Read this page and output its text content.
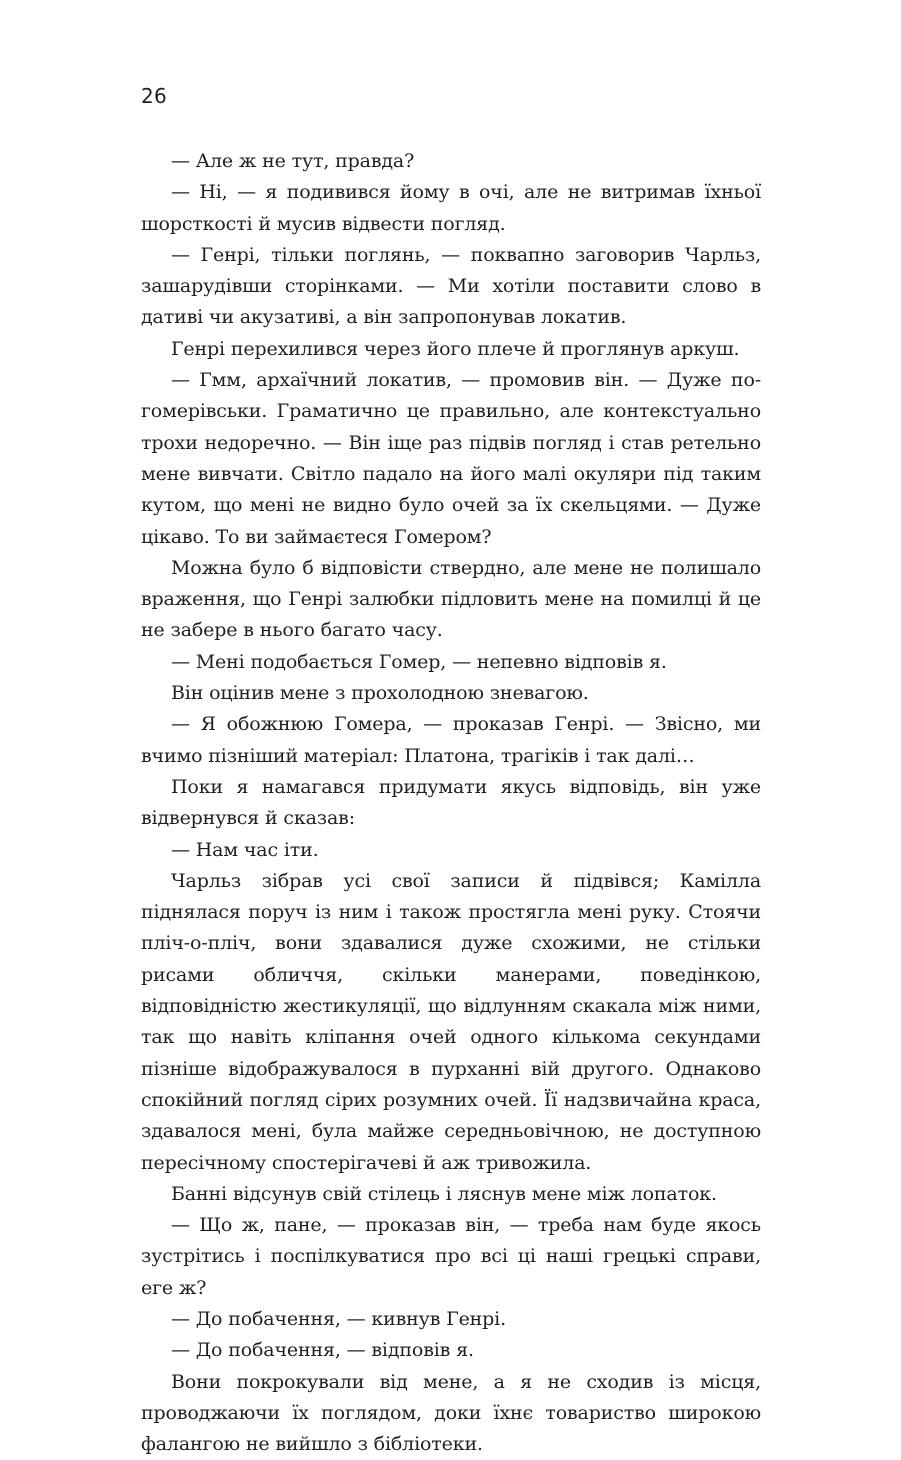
26

— Але ж не тут, правда?

— Ні, — я подивився йому в очі, але не витримав їхньої шорсткості й мусив відвести погляд.

— Генрі, тільки поглянь, — поквапно заговорив Чарльз, зашарудівши сторінками. — Ми хотіли поставити слово в дативі чи акузативі, а він запропонував локатив.

Генрі перехилився через його плече й проглянув аркуш.

— Гмм, архаїчний локатив, — промовив він. — Дуже по-гомерівськи. Граматично це правильно, але контекстуально трохи недоречно. — Він іще раз підвів погляд і став ретельно мене вивчати. Світло падало на його малі окуляри під таким кутом, що мені не видно було очей за їх скельцями. — Дуже цікаво. То ви займаєтеся Гомером?

Можна було б відповісти ствердно, але мене не полишало враження, що Генрі залюбки підловить мене на помилці й це не забере в нього багато часу.

— Мені подобається Гомер, — непевно відповів я.

Він оцінив мене з прохолодною зневагою.

— Я обожнюю Гомера, — проказав Генрі. — Звісно, ми вчимо пізніший матеріал: Платона, трагіків і так далі…

Поки я намагався придумати якусь відповідь, він уже відвернувся й сказав:

— Нам час іти.

Чарльз зібрав усі свої записи й підвівся; Камілла піднялася поруч із ним і також простягла мені руку. Стоячи пліч-о-пліч, вони здавалися дуже схожими, не стільки рисами обличчя, скільки манерами, поведінкою, відповідністю жестикуляції, що відлунням скакала між ними, так що навіть кліпання очей одного кількома секундами пізніше відображувалося в пурханні вій другого. Однаково спокійний погляд сірих розумних очей. Її надзвичайна краса, здавалося мені, була майже середньовічною, не доступною пересічному спостерігачеві й аж тривожила.

Банні відсунув свій стілець і ляснув мене між лопаток.

— Що ж, пане, — проказав він, — треба нам буде якось зустрітись і поспілкуватися про всі ці наші грецькі справи, еге ж?

— До побачення, — кивнув Генрі.

— До побачення, — відповів я.

Вони покрокували від мене, а я не сходив із місця, проводжаючи їх поглядом, доки їхнє товариство широкою фалангою не вийшло з бібліотеки.
